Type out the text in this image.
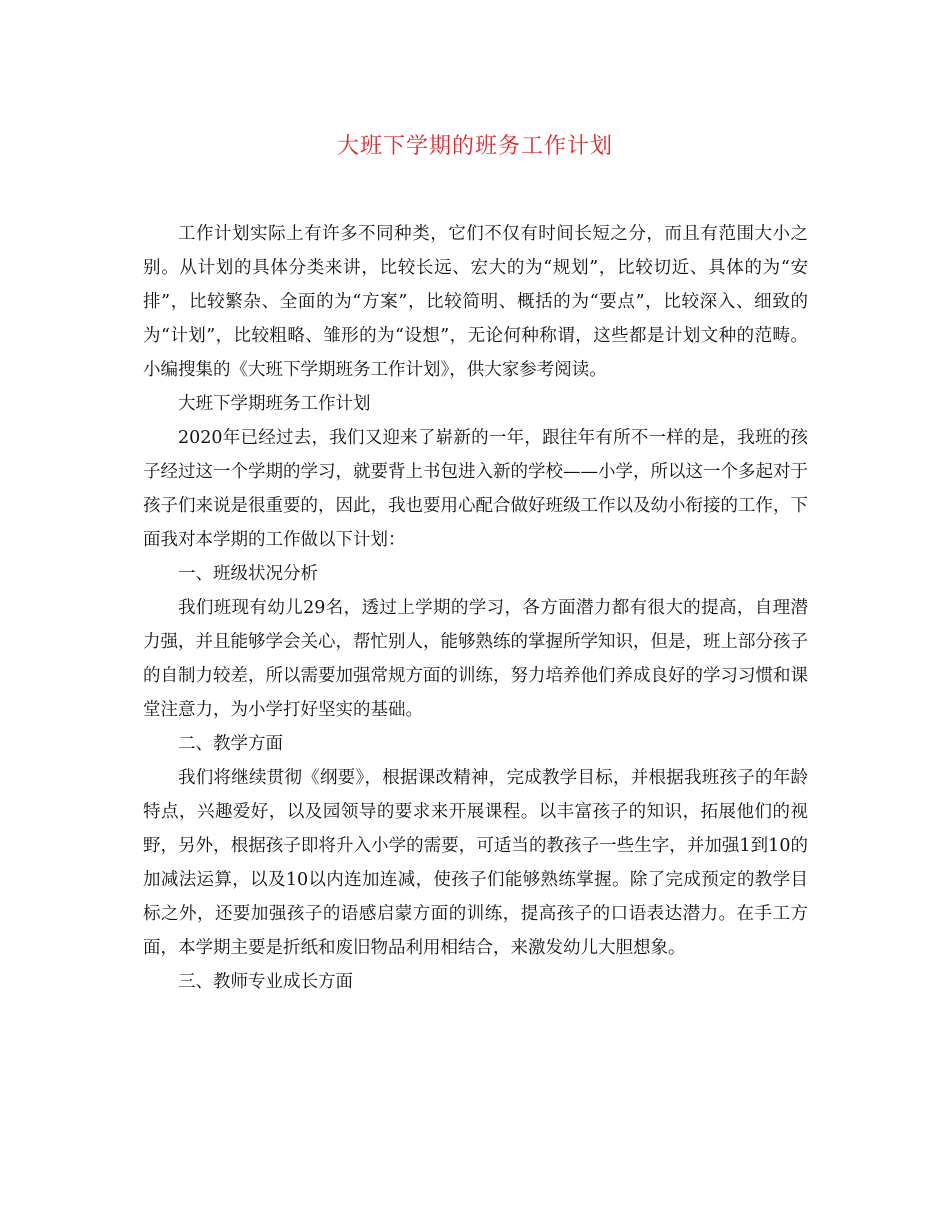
大班下学期的班务工作计划

工作计划实际上有许多不同种类，它们不仅有时间长短之分，而且有范围大小之别。从计划的具体分类来讲，比较长远、宏大的为“规划”，比较切近、具体的为“安排”，比较繁杂、全面的为“方案”，比较简明、概括的为“要点”，比较深入、细致的为“计划”，比较粗略、雏形的为“设想”，无论何种称谓，这些都是计划文种的范畴。小编搜集的《大班下学期班务工作计划》，供大家参考阅读。

大班下学期班务工作计划

2020年已经过去，我们又迎来了崭新的一年，跟往年有所不一样的是，我班的孩子经过这一个学期的学习，就要背上书包进入新的学校——小学，所以这一个多起对于孩子们来说是很重要的，因此，我也要用心配合做好班级工作以及幼小衔接的工作，下面我对本学期的工作做以下计划：

一、班级状况分析

我们班现有幼儿29名，透过上学期的学习，各方面潜力都有很大的提高，自理潜力强，并且能够学会关心，帮忙别人，能够熟练的掌握所学知识，但是，班上部分孩子的自制力较差，所以需要加强常规方面的训练，努力培养他们养成良好的学习习惯和课堂注意力，为小学打好坚实的基础。

二、教学方面

我们将继续贯彻《纲要》，根据课改精神，完成教学目标，并根据我班孩子的年龄特点，兴趣爱好，以及园领导的要求来开展课程。以丰富孩子的知识，拓展他们的视野，另外，根据孩子即将升入小学的需要，可适当的教孩子一些生字，并加强1到10的加减法运算，以及10以内连加连减，使孩子们能够熟练掌握。除了完成预定的教学目标之外，还要加强孩子的语感启蒙方面的训练，提高孩子的口语表达潜力。在手工方面，本学期主要是折纸和废旧物品利用相结合，来激发幼儿大胆想象。

三、教师专业成长方面
